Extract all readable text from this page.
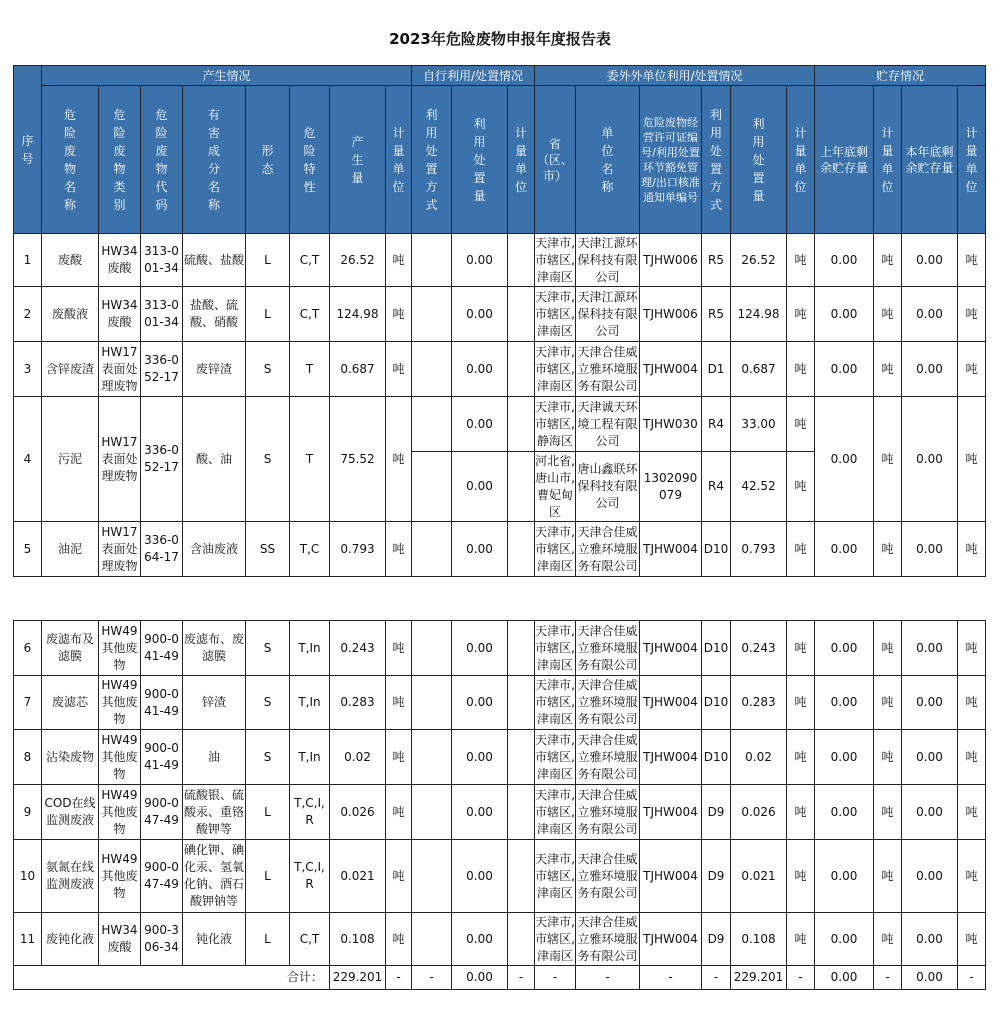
2023年危险废物申报年度报告表
序号	产生情况								自行利用/处置情况			委外外单位利用/处置情况						贮存情况			

	危险废物名称	危险废物类别	危险废物代码	有害成分名称	形态	危险特性	产生量	计量单位	利用处置方式	利用处置量	计量单位	省（区、市）	单位名称	危险废物经营许可证编号/利用处置环节豁免管理/出口核准通知单编号	利用处置方式	利用处置量	计量单位	上年底剩余贮存量	计量单位	本年底剩余贮存量	计量单位

1	废酸	HW34废酸	313-001-34	硫酸、盐酸	L	C,T	26.52	吨		0.00		天津市,市辖区,津南区	天津江源环保科技有限公司	TJHW006	R5	26.52	吨	0.00	吨	0.00	吨
2	废酸液	HW34废酸	313-001-34	盐酸、硫酸、硝酸	L	C,T	124.98	吨		0.00		天津市,市辖区,津南区	天津江源环保科技有限公司	TJHW006	R5	124.98	吨	0.00	吨	0.00	吨
3	含锌废渣	HW17表面处理废物	336-052-17	废锌渣	S	T	0.687	吨		0.00		天津市,市辖区,津南区	天津合佳威立雅环境服务有限公司	TJHW004	D1	0.687	吨	0.00	吨	0.00	吨
4	污泥	HW17表面处理废物	336-052-17	酸、油	S	T	75.52	吨		0.00		天津市,市辖区,静海区	天津诚天环境工程有限公司	TJHW030	R4	33.00	吨	0.00	吨	0.00	吨
										0.00		河北省,唐山市,曹妃甸区	唐山鑫联环保科技有限公司	1302090079	R4	42.52	吨				
5	油泥	HW17表面处理废物	336-064-17	含油废液	SS	T,C	0.793	吨		0.00		天津市,市辖区,津南区	天津合佳威立雅环境服务有限公司	TJHW004	D10	0.793	吨	0.00	吨	0.00	吨
6	废滤布及滤膜	HW49其他废物	900-041-49	废滤布、废滤膜	S	T,In	0.243	吨		0.00		天津市,市辖区,津南区	天津合佳威立雅环境服务有限公司	TJHW004	D10	0.243	吨	0.00	吨	0.00	吨
7	废滤芯	HW49其他废物	900-041-49	锌渣	S	T,In	0.283	吨		0.00		天津市,市辖区,津南区	天津合佳威立雅环境服务有限公司	TJHW004	D10	0.283	吨	0.00	吨	0.00	吨
8	沾染废物	HW49其他废物	900-041-49	油	S	T,In	0.02	吨		0.00		天津市,市辖区,津南区	天津合佳威立雅环境服务有限公司	TJHW004	D10	0.02	吨	0.00	吨	0.00	吨
9	COD在线监测废液	HW49其他废物	900-047-49	硫酸银、硫酸汞、重铬酸钾等	L	T,C,I,R	0.026	吨		0.00		天津市,市辖区,津南区	天津合佳威立雅环境服务有限公司	TJHW004	D9	0.026	吨	0.00	吨	0.00	吨
10	氨氮在线监测废液	HW49其他废物	900-047-49	碘化钾、碘化汞、氢氧化钠、酒石酸钾钠等	L	T,C,I,R	0.021	吨		0.00		天津市,市辖区,津南区	天津合佳威立雅环境服务有限公司	TJHW004	D9	0.021	吨	0.00	吨	0.00	吨
11	废钝化液	HW34废酸	900-306-34	钝化液	L	C,T	0.108	吨		0.00		天津市,市辖区,津南区	天津合佳威立雅环境服务有限公司	TJHW004	D9	0.108	吨	0.00	吨	0.00	吨
合计：							229.201	-	-	0.00	-	-	-	-	-	229.201	-	0.00	-	0.00	-
